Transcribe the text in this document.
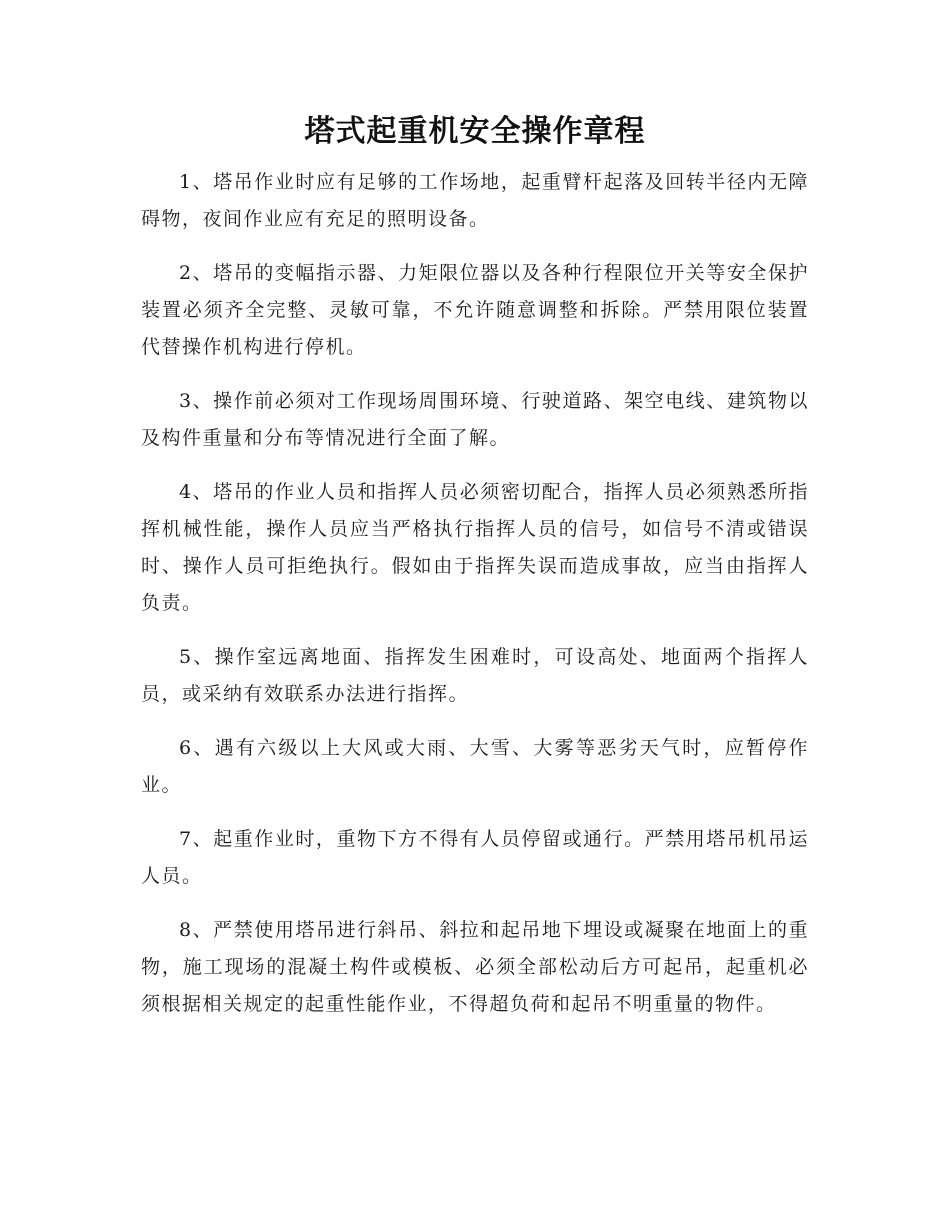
塔式起重机安全操作章程

1、塔吊作业时应有足够的工作场地，起重臂杆起落及回转半径内无障碍物，夜间作业应有充足的照明设备。

2、塔吊的变幅指示器、力矩限位器以及各种行程限位开关等安全保护装置必须齐全完整、灵敏可靠，不允许随意调整和拆除。严禁用限位装置代替操作机构进行停机。

3、操作前必须对工作现场周围环境、行驶道路、架空电线、建筑物以及构件重量和分布等情况进行全面了解。

4、塔吊的作业人员和指挥人员必须密切配合，指挥人员必须熟悉所指挥机械性能，操作人员应当严格执行指挥人员的信号，如信号不清或错误时、操作人员可拒绝执行。假如由于指挥失误而造成事故，应当由指挥人负责。

5、操作室远离地面、指挥发生困难时，可设高处、地面两个指挥人员，或采纳有效联系办法进行指挥。

6、遇有六级以上大风或大雨、大雪、大雾等恶劣天气时，应暂停作业。

7、起重作业时，重物下方不得有人员停留或通行。严禁用塔吊机吊运人员。

8、严禁使用塔吊进行斜吊、斜拉和起吊地下埋设或凝聚在地面上的重物，施工现场的混凝土构件或模板、必须全部松动后方可起吊，起重机必须根据相关规定的起重性能作业，不得超负荷和起吊不明重量的物件。
